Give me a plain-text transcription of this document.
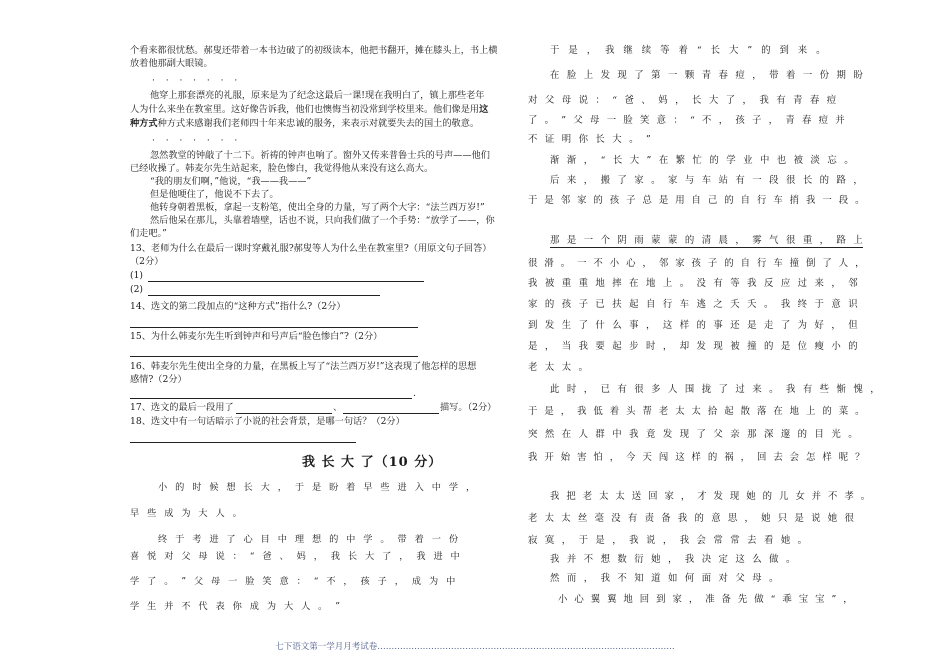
个看来都很忧愁。郝叟还带着一本书边破了的初级读本，他把书翻开，摊在膝头上，书上横
放着他那副大眼镜。
· · · · · · ·
他穿上那套漂亮的礼服，原来是为了纪念这最后一课!现在我明白了，镇上那些老年
人为什么来坐在教室里。这好像告诉我，他们也懊悔当初没常到学校里来。他们像是用这
种方式种方式来感谢我们老师四十年来忠诚的服务，来表示对就要失去的国土的敬意。
· · · · · · ·
忽然教堂的钟敲了十二下。祈祷的钟声也响了。窗外又传来普鲁士兵的号声——他们
已经收操了。韩麦尔先生站起来，脸色惨白，我觉得他从来没有这么高大。
“我的朋友们啊，”他说，“我——我——”
但是他哽住了，他说不下去了。
他转身朝着黑板，拿起一支粉笔，使出全身的力量，写了两个大字：“法兰西万岁!”
然后他呆在那儿，头靠着墙壁，话也不说，只向我们做了一个手势：“放学了——，你
们走吧。”
13、老师为什么在最后一课时穿戴礼服?郝叟等人为什么坐在教室里?（用原文句子回答）
（2分）
(1)
(2)
14、选文的第二段加点的“这种方式”指什么?（2分）
15、为什么韩麦尔先生听到钟声和号声后“脸色惨白”?（2分）
16、韩麦尔先生使出全身的力量，在黑板上写了“法兰西万岁!”这表现了他怎样的思想
感情?（2分）
.
17、选文的最后一段用了	、	描写。（2分）
18、选文中有一句话暗示了小说的社会背景，是哪一句话？（2分）
我 长 大 了（10 分）
小 的 时 候 想 长 大 ， 于 是 盼 着 早 些 进 入 中 学 ，
早 些 成 为 大 人 。
终 于 考 进 了 心 目 中 理 想 的 中 学 。 带 着 一 份
喜 悦 对 父 母 说 ： “ 爸 、 妈 ， 我 长 大 了 ， 我 进 中
学 了 。 ” 父 母 一 脸 笑 意 ： “ 不 ， 孩 子 ， 成 为 中
学 生 并 不 代 表 你 成 为 大 人 。 ”
于 是 ， 我 继 续 等 着 “ 长 大 ” 的 到 来 。
在 脸 上 发 现 了 第 一 颗 青 春 痘 ， 带 着 一 份 期 盼
对 父 母 说 ： “ 爸 、 妈 ， 长 大 了 ， 我 有 青 春 痘
了 。 ” 父 母 一 脸 笑 意 ： “ 不 ， 孩 子 ， 青 春 痘 并
不 证 明 你 长 大 。 ”
渐 渐 ， “ 长 大 ” 在 繁 忙 的 学 业 中 也 被 淡 忘 。
后 来 ， 搬 了 家 。 家 与 车 站 有 一 段 很 长 的 路 ，
于 是 邻 家 的 孩 子 总 是 用 自 己 的 自 行 车 捎 我 一 段 。
那 是 一 个 阴 雨 蒙 蒙 的 清 晨 ， 雾 气 很 重 ， 路 上
很 滑 。 一 不 小 心 ， 邻 家 孩 子 的 自 行 车 撞 倒 了 人 ，
我 被 重 重 地 摔 在 地 上 。 没 有 等 我 反 应 过 来 ， 邻
家 的 孩 子 已 扶 起 自 行 车 逃 之 夭 夭 。 我 终 于 意 识
到 发 生 了 什 么 事 ， 这 样 的 事 还 是 走 了 为 好 ， 但
是 ， 当 我 要 起 步 时 ， 却 发 现 被 撞 的 是 位 瘦 小 的
老 太 太 。
此 时 ， 已 有 很 多 人 围 拢 了 过 来 。 我 有 些 惭 愧 ，
于 是 ， 我 低 着 头 帮 老 太 太 拾 起 散 落 在 地 上 的 菜 。
突 然 在 人 群 中 我 竟 发 现 了 父 亲 那 深 邃 的 目 光 。
我 开 始 害 怕 ， 今 天 闯 这 样 的 祸 ， 回 去 会 怎 样 呢 ？
我 把 老 太 太 送 回 家 ， 才 发 现 她 的 儿 女 并 不 孝 。
老 太 太 丝 毫 没 有 责 备 我 的 意 思 ， 她 只 是 说 她 很
寂 寞 ， 于 是 ， 我 说 ， 我 会 常 常 去 看 她 。
我 并 不 想 数 衍 她 ， 我 决 定 这 么 做 。
然 而 ， 我 不 知 道 如 何 面 对 父 母 。
小 心 翼 翼 地 回 到 家 ， 准 备 先 做 “ 乖 宝 宝 ” ，
七下语文第一学月月考试卷……………………………………………………………………………………………
